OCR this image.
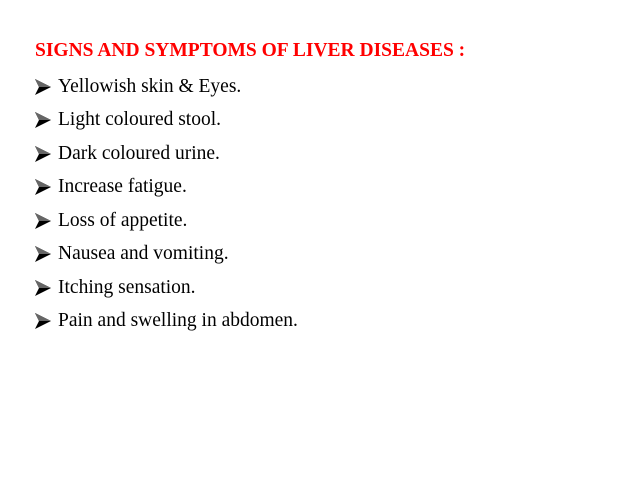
SIGNS AND SYMPTOMS OF LIVER DISEASES :
Yellowish skin & Eyes.
Light coloured stool.
Dark coloured urine.
Increase fatigue.
Loss of appetite.
Nausea and vomiting.
Itching sensation.
Pain and swelling in abdomen.
